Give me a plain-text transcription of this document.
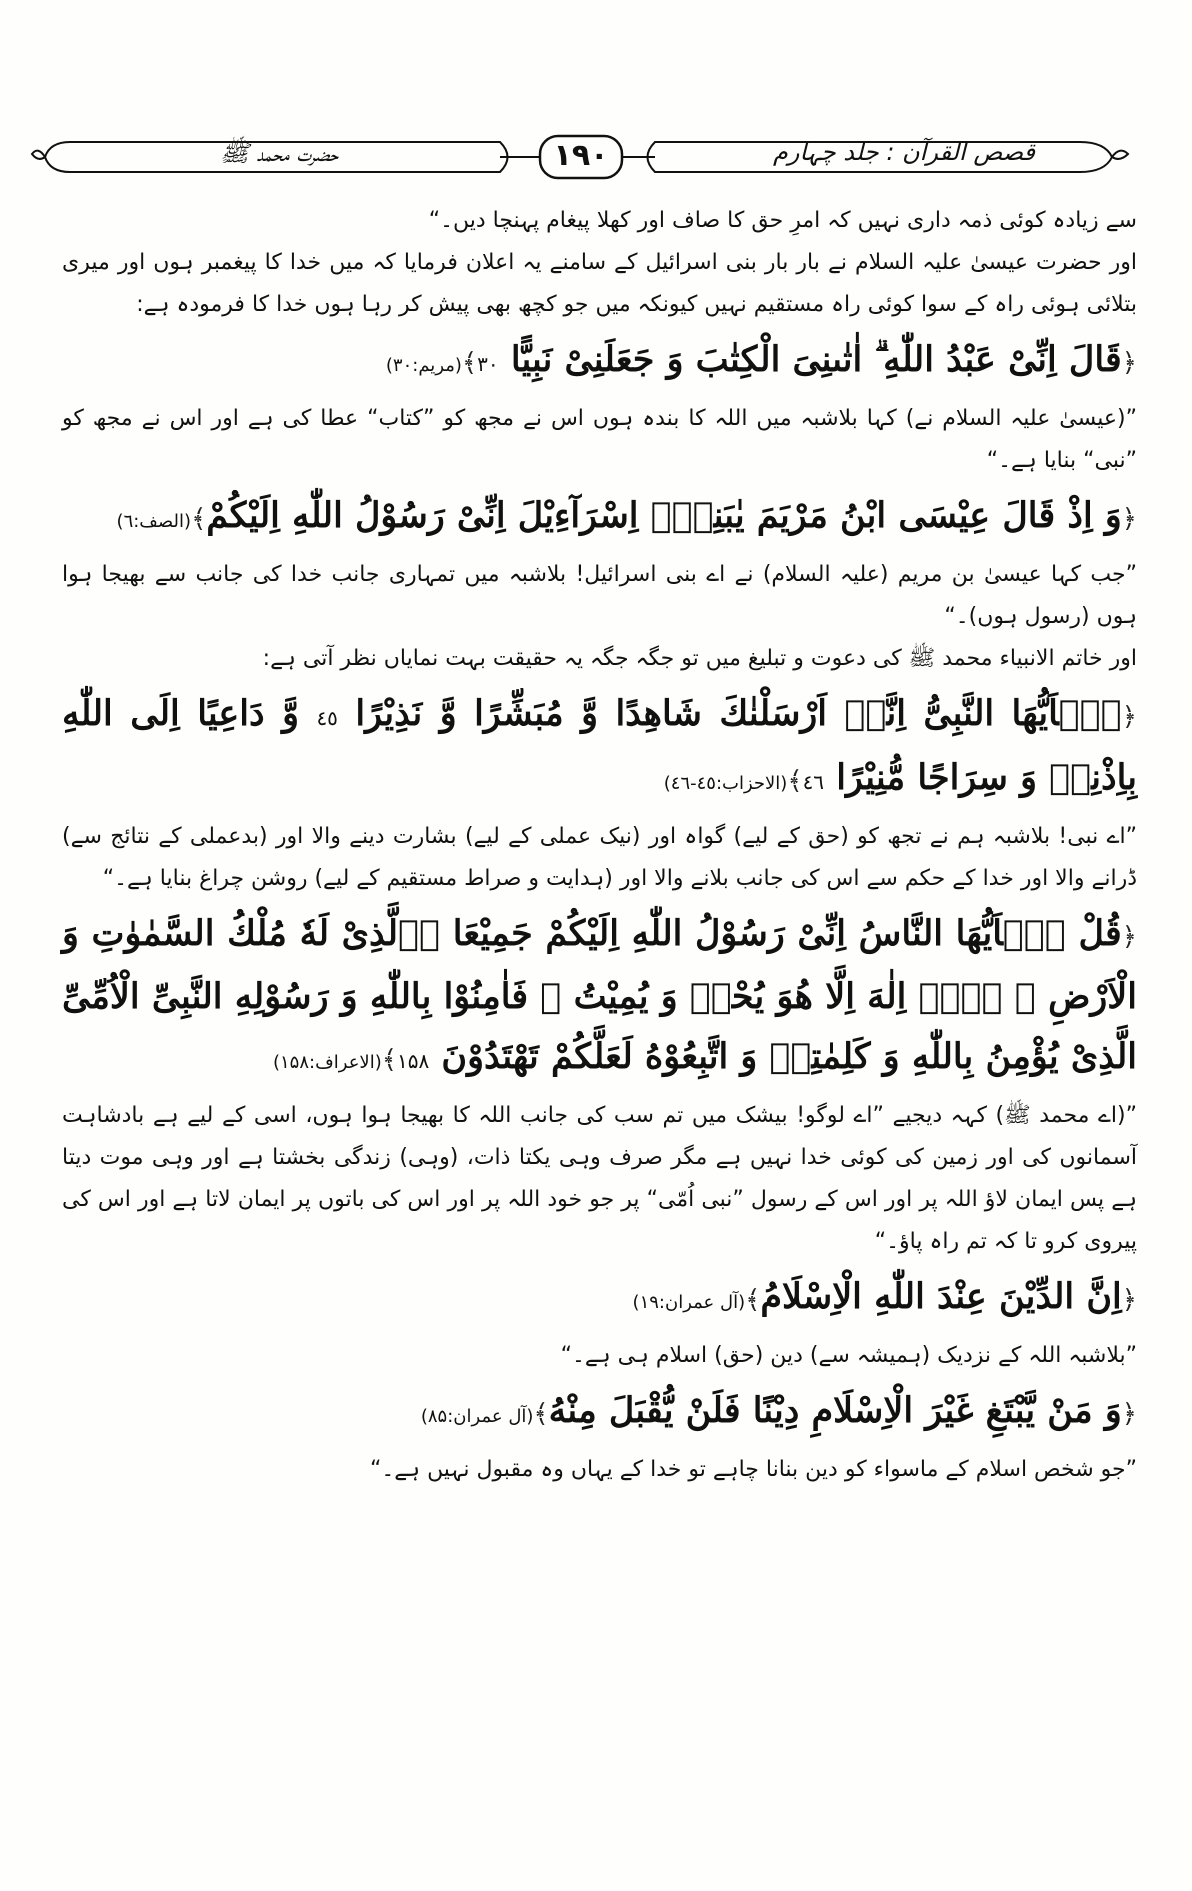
قصص القرآن : جلد چہارم
۱۹۰
حضرت محمد ﷺ

سے زیادہ کوئی ذمہ داری نہیں کہ امرِ حق کا صاف اور کھلا پیغام پہنچا دیں۔“

اور حضرت عیسیٰ علیہ السلام نے بار بار بنی اسرائیل کے سامنے یہ اعلان فرمایا کہ میں خدا کا پیغمبر ہوں اور میری بتلائی ہوئی راہ کے سوا کوئی راہ مستقیم نہیں کیونکہ میں جو کچھ بھی پیش کر رہا ہوں خدا کا فرمودہ ہے:

﴿قَالَ اِنِّیْ عَبْدُ اللّٰهِ ۗ اٰتٰىنِیَ الْكِتٰبَ وَ جَعَلَنِیْ نَبِیًّا ۳۰﴾(مریم:۳۰)

”(عیسیٰ علیہ السلام نے) کہا بلاشبہ میں اللہ کا بندہ ہوں اس نے مجھ کو ”کتاب“ عطا کی ہے اور اس نے مجھ کو ”نبی“ بنایا ہے۔“

﴿وَ اِذْ قَالَ عِیْسَى ابْنُ مَرْیَمَ یٰبَنِیْۤ اِسْرَآءِیْلَ اِنِّیْ رَسُوْلُ اللّٰهِ اِلَیْكُمْ﴾(الصف:٦)

”جب کہا عیسیٰ بن مریم (علیہ السلام) نے اے بنی اسرائیل! بلاشبہ میں تمہاری جانب خدا کی جانب سے بھیجا ہوا ہوں (رسول ہوں)۔“

اور خاتم الانبیاء محمد ﷺ کی دعوت و تبلیغ میں تو جگہ جگہ یہ حقیقت بہت نمایاں نظر آتی ہے:

﴿یٰۤاَیُّهَا النَّبِیُّ اِنَّاۤ اَرْسَلْنٰكَ شَاهِدًا وَّ مُبَشِّرًا وَّ نَذِیْرًا ٤٥ وَّ دَاعِیًا اِلَى اللّٰهِ بِاِذْنِهٖ وَ سِرَاجًا مُّنِیْرًا ٤٦﴾(الاحزاب:٤٥-٤٦)

”اے نبی! بلاشبہ ہم نے تجھ کو (حق کے لیے) گواہ اور (نیک عملی کے لیے) بشارت دینے والا اور (بدعملی کے نتائج سے) ڈرانے والا اور خدا کے حکم سے اس کی جانب بلانے والا اور (ہدایت و صراط مستقیم کے لیے) روشن چراغ بنایا ہے۔“

﴿قُلْ یٰۤاَیُّهَا النَّاسُ اِنِّیْ رَسُوْلُ اللّٰهِ اِلَیْكُمْ جَمِیْعَا ا۟لَّذِیْ لَهٗ مُلْكُ السَّمٰوٰتِ وَ الْاَرْضِ ۚ لَاۤ اِلٰهَ اِلَّا هُوَ یُحْیٖ وَ یُمِیْتُ ۪ فَاٰمِنُوْا بِاللّٰهِ وَ رَسُوْلِهِ النَّبِیِّ الْاُمِّیِّ الَّذِیْ یُؤْمِنُ بِاللّٰهِ وَ كَلِمٰتِهٖ وَ اتَّبِعُوْهُ لَعَلَّكُمْ تَهْتَدُوْنَ ۱۵۸﴾(الاعراف:۱۵۸)

”(اے محمد ﷺ) کہہ دیجیے ”اے لوگو! بیشک میں تم سب کی جانب اللہ کا بھیجا ہوا ہوں، اسی کے لیے ہے بادشاہت آسمانوں کی اور زمین کی کوئی خدا نہیں ہے مگر صرف وہی یکتا ذات، (وہی) زندگی بخشتا ہے اور وہی موت دیتا ہے پس ایمان لاؤ اللہ پر اور اس کے رسول ”نبی اُمّی“ پر جو خود اللہ پر اور اس کی باتوں پر ایمان لاتا ہے اور اس کی پیروی کرو تا کہ تم راہ پاؤ۔“

﴿اِنَّ الدِّیْنَ عِنْدَ اللّٰهِ الْاِسْلَامُ﴾(آل عمران:۱۹)

”بلاشبہ اللہ کے نزدیک (ہمیشہ سے) دین (حق) اسلام ہی ہے۔“

﴿وَ مَنْ یَّبْتَغِ غَیْرَ الْاِسْلَامِ دِیْنًا فَلَنْ یُّقْبَلَ مِنْهُ﴾(آل عمران:۸۵)

”جو شخص اسلام کے ماسواء کو دین بنانا چاہے تو خدا کے یہاں وہ مقبول نہیں ہے۔“
